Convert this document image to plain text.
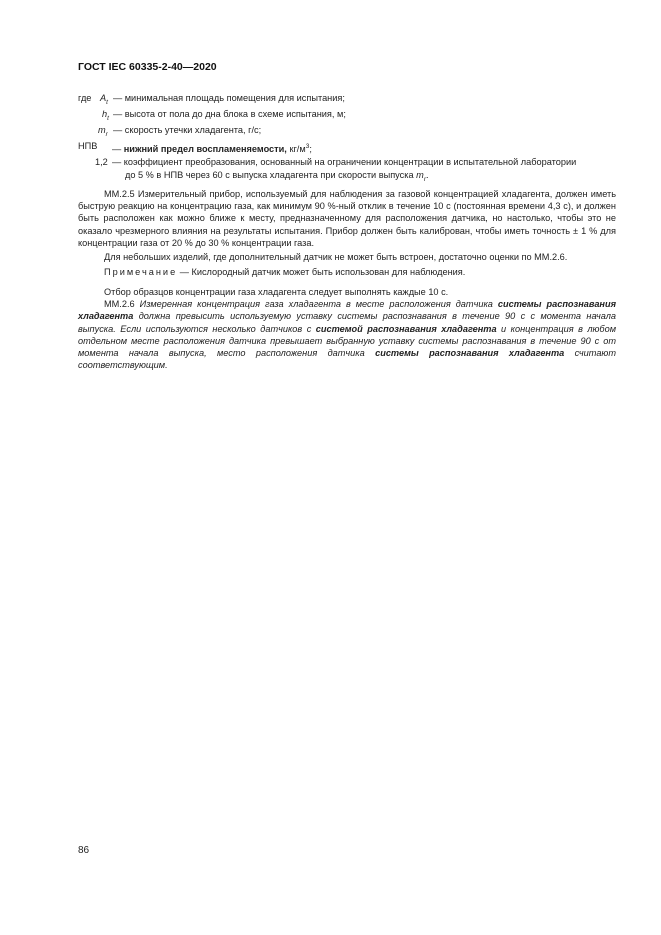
ГОСТ IEC 60335-2-40—2020
где $A_t$ — минимальная площадь помещения для испытания;
$h_t$ — высота от пола до дна блока в схеме испытания, м;
$m_r$ — скорость утечки хладагента, г/с;
НПВ — нижний предел воспламеняемости, $кг/м^3$;
1,2 — коэффициент преобразования, основанный на ограничении концентрации в испытательной лаборатории
до 5 % в НПВ через 60 с выпуска хладагента при скорости выпуска $m_r$.

ММ.2.5 Измерительный прибор, используемый для наблюдения за газовой концентрацией хладагента, должен иметь быструю реакцию на концентрацию газа, как минимум 90 %-ный отклик в течение 10 с (постоянная времени 4,3 с), и должен быть расположен как можно ближе к месту, предназначенному для расположения датчика, но настолько, чтобы это не оказало чрезмерного влияния на результаты испытания. Прибор должен быть калиброван, чтобы иметь точность ± 1 % для концентрации газа от 20 % до 30 % концентрации газа.

Для небольших изделий, где дополнительный датчик не может быть встроен, достаточно оценки по ММ.2.6.

Примечание — Кислородный датчик может быть использован для наблюдения.

Отбор образцов концентрации газа хладагента следует выполнять каждые 10 с.

ММ.2.6 Измеренная концентрация газа хладагента в месте расположения датчика системы распознавания хладагента должна превысить используемую уставку системы распознавания в течение 90 с с момента начала выпуска. Если используются несколько датчиков с системой распознавания хладагента и концентрация в любом отдельном месте расположения датчика превышает выбранную уставку системы распознавания в течение 90 с от момента начала выпуска, место расположения датчика системы распознавания хладагента считают соответствующим.

86
